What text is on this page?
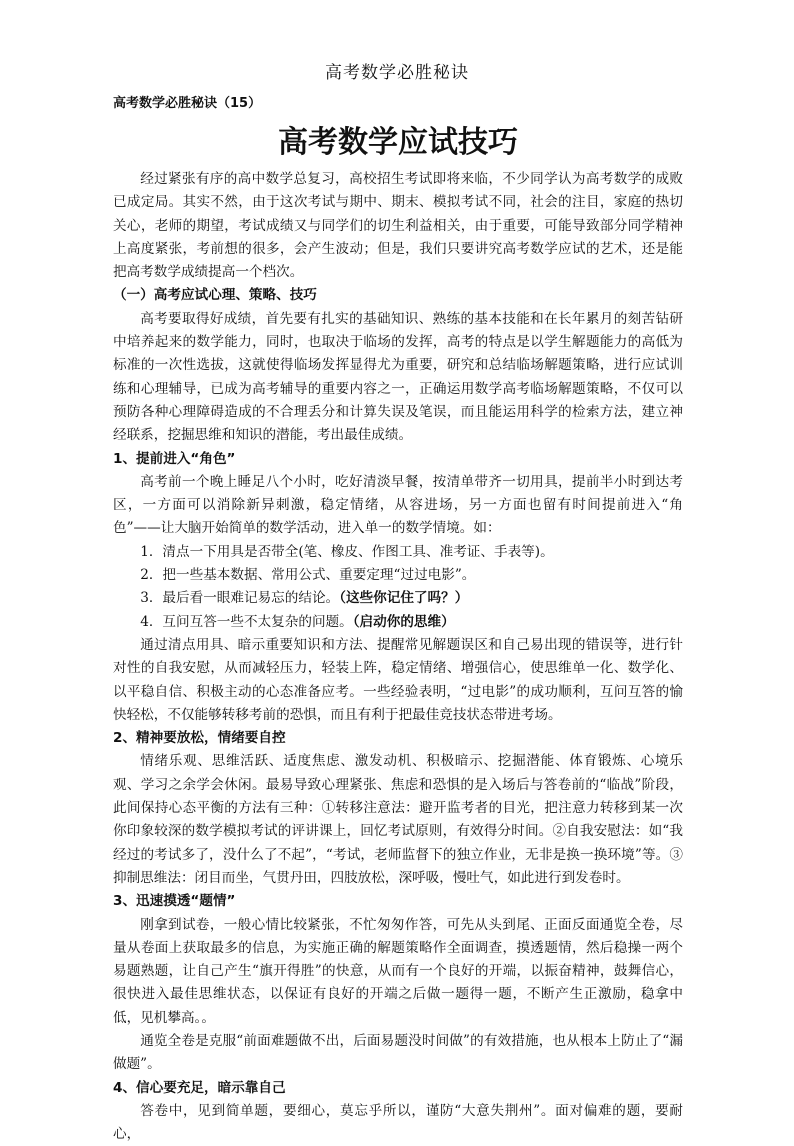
高考数学必胜秘诀
高考数学必胜秘诀（15）
高考数学应试技巧

经过紧张有序的高中数学总复习，高校招生考试即将来临，不少同学认为高考数学的成败已成定局。其实不然，由于这次考试与期中、期末、模拟考试不同，社会的注目，家庭的热切关心，老师的期望，考试成绩又与同学们的切生利益相关，由于重要，可能导致部分同学精神上高度紧张，考前想的很多，会产生波动；但是，我们只要讲究高考数学应试的艺术，还是能把高考数学成绩提高一个档次。

（一）高考应试心理、策略、技巧

高考要取得好成绩，首先要有扎实的基础知识、熟练的基本技能和在长年累月的刻苦钻研中培养起来的数学能力，同时，也取决于临场的发挥，高考的特点是以学生解题能力的高低为标准的一次性选拔，这就使得临场发挥显得尤为重要，研究和总结临场解题策略，进行应试训练和心理辅导，已成为高考辅导的重要内容之一，正确运用数学高考临场解题策略，不仅可以预防各种心理障碍造成的不合理丢分和计算失误及笔误，而且能运用科学的检索方法，建立神经联系，挖掘思维和知识的潜能，考出最佳成绩。

1、提前进入“角色”

高考前一个晚上睡足八个小时，吃好清淡早餐，按清单带齐一切用具，提前半小时到达考区，一方面可以消除新异刺激，稳定情绪，从容进场，另一方面也留有时间提前进入“角色”——让大脑开始简单的数学活动，进入单一的数学情境。如：

1．清点一下用具是否带全(笔、橡皮、作图工具、准考证、手表等)。

2．把一些基本数据、常用公式、重要定理“过过电影”。

3．最后看一眼难记易忘的结论。（这些你记住了吗？）

4．互问互答一些不太复杂的问题。（启动你的思维）

通过清点用具、暗示重要知识和方法、提醒常见解题误区和自己易出现的错误等，进行针对性的自我安慰，从而减轻压力，轻装上阵，稳定情绪、增强信心，使思维单一化、数学化、以平稳自信、积极主动的心态准备应考。一些经验表明，“过电影”的成功顺利，互问互答的愉快轻松，不仅能够转移考前的恐惧，而且有利于把最佳竞技状态带进考场。

2、精神要放松，情绪要自控

情绪乐观、思维活跃、适度焦虑、激发动机、积极暗示、挖掘潜能、体育锻炼、心境乐观、学习之余学会休闲。最易导致心理紧张、焦虑和恐惧的是入场后与答卷前的“临战”阶段，此间保持心态平衡的方法有三种：①转移注意法：避开监考者的目光，把注意力转移到某一次你印象较深的数学模拟考试的评讲课上，回忆考试原则，有效得分时间。②自我安慰法：如“我经过的考试多了，没什么了不起”，“考试，老师监督下的独立作业，无非是换一换环境”等。③抑制思维法：闭目而坐，气贯丹田，四肢放松，深呼吸，慢吐气，如此进行到发卷时。

3、迅速摸透“题情”

刚拿到试卷，一般心情比较紧张，不忙匆匆作答，可先从头到尾、正面反面通览全卷，尽量从卷面上获取最多的信息，为实施正确的解题策略作全面调查，摸透题情，然后稳操一两个易题熟题，让自己产生“旗开得胜”的快意，从而有一个良好的开端，以振奋精神，鼓舞信心，很快进入最佳思维状态，以保证有良好的开端之后做一题得一题，不断产生正激励，稳拿中低，见机攀高。。

通览全卷是克服“前面难题做不出，后面易题没时间做”的有效措施，也从根本上防止了“漏做题”。

4、信心要充足，暗示靠自己

答卷中，见到简单题，要细心，莫忘乎所以，谨防“大意失荆州”。面对偏难的题，要耐心，
